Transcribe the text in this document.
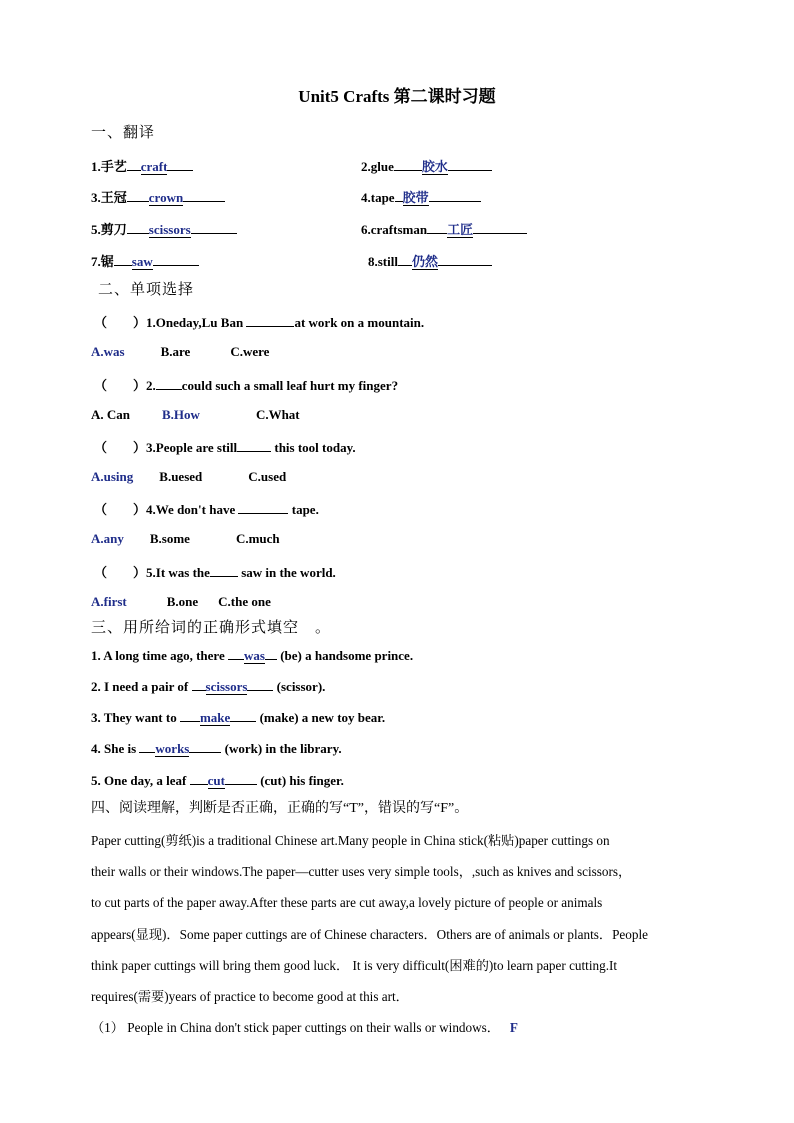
Unit5 Crafts 第二课时习题
一、翻译
1.手艺 craft	2.glue 胶水
3.王冠 crown	4.tape 胶带
5.剪刀 scissors	6.craftsman 工匠
7.锯 saw	8.still 仍然
二、单项选择
（　　）1.Oneday,Lu Ban	at work on a mountain.
A.was	B.are	C.were
（　　）2. could such a small leaf hurt my finger?
A. Can B.How	C.What
（　　）3.People are still	this tool today.
A.using B.uesed	C.used
（　　）4.We don't have	tape.
A.any B.some	C.much
（　　）5.It was the saw in the world.
A.first	B.one C.the one
三、用所给词的正确形式填空　。
1. A long time ago, there was (be) a handsome prince.
2. I need a pair of scissors (scissor).
3. They want to make (make) a new toy bear.
4. She is works (work) in the library.
5. One day, a leaf cut (cut) his finger.
四、阅读理解，判断是否正确，正确的写“T”，错误的写“F”。
Paper cutting(剪纸)is a traditional Chinese art.Many people in China stick(粘贴)paper cuttings on
their walls or their windows.The paper—cutter uses very simple tools，,such as knives and scissors，
to cut parts of the paper away.After these parts are cut away,a lovely picture of people or animals
appears(显现)．Some paper cuttings are of Chinese characters．Others are of animals or plants．People
think paper cuttings will bring them good luck． It is very difficult(困难的)to learn paper cutting.It
requires(需要)years of practice to become good at this art．
（1） People in China don't stick paper cuttings on their walls or windows． F
